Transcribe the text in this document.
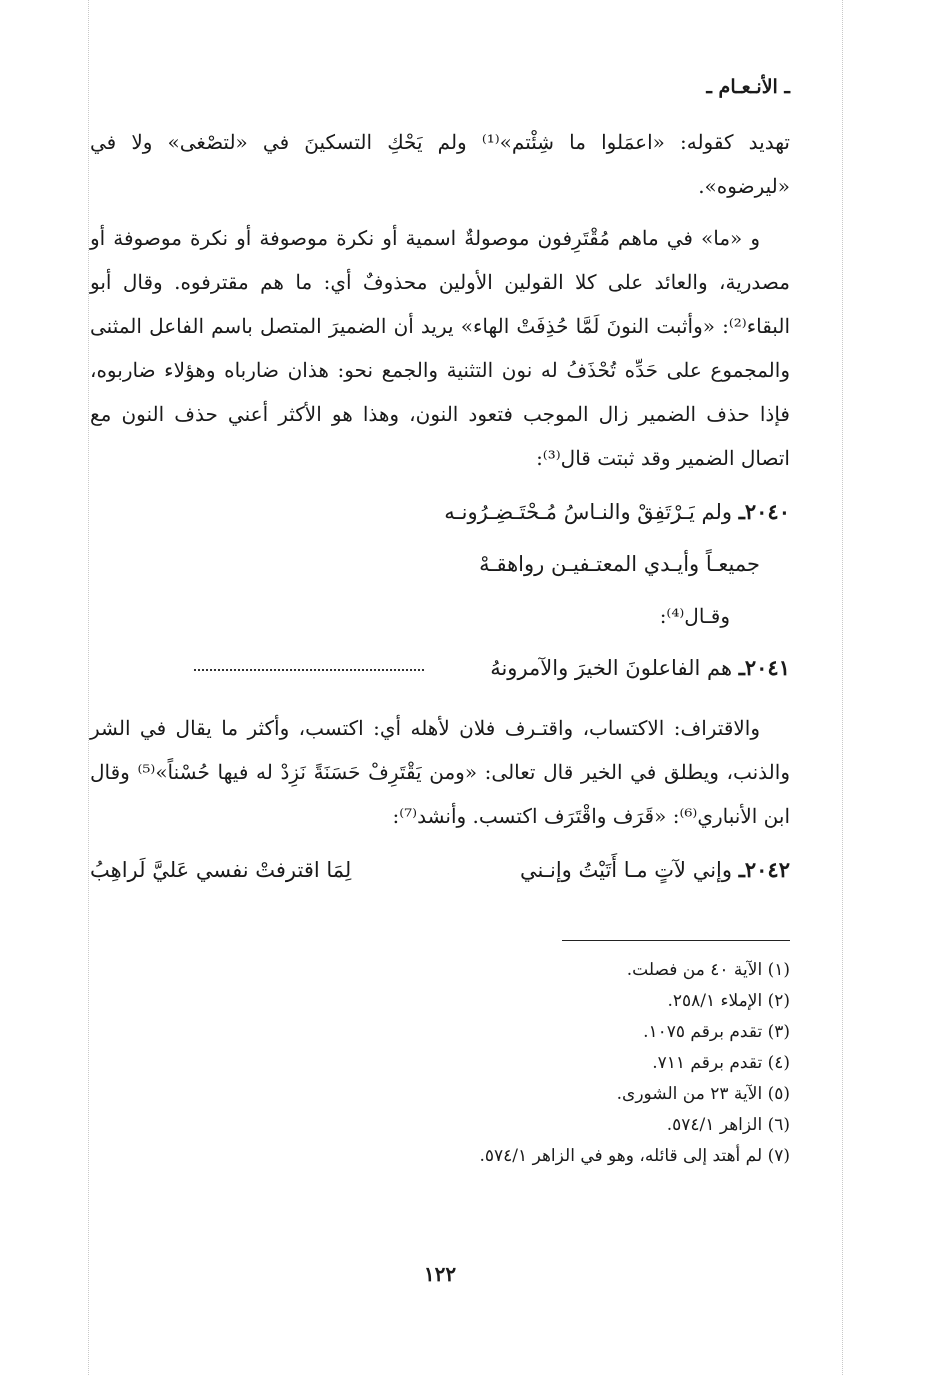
ـ الأنـعـام ـ

تهديد كقوله: «اعمَلوا ما شِئْتم»⁽¹⁾ ولم يَحْكِ التسكينَ في «لتصْغى» ولا في «ليرضوه».

و «ما» في ماهم مُقْتَرِفون موصولةٌ اسمية أو نكرة موصوفة أو نكرة موصوفة أو مصدرية، والعائد على كلا القولين الأولين محذوفٌ أي: ما هم مقترفوه. وقال أبو البقاء⁽²⁾: «وأثبت النونَ لَمَّا حُذِفَتْ الهاء» يريد أن الضميرَ المتصل باسم الفاعل المثنى والمجموع على حَدِّه تُحْذَفُ له نون التثنية والجمع نحو: هذان ضارباه وهؤلاء ضاربوه، فإذا حذف الضمير زال الموجب فتعود النون، وهذا هو الأكثر أعني حذف النون مع اتصال الضمير وقد ثبتت قال⁽³⁾:

٢٠٤٠ـ ولم يَـرْتَفِقْ والنـاسُ مُـحْتَـضِـرُونـه
جميعـاً وأيـدي المعتـفيـن رواهقـهْ
وقـال⁽⁴⁾:
٢٠٤١ـ هم الفاعلونَ الخيرَ والآمرونهُ

والاقتراف: الاكتساب، واقتـرف فلان لأهله أي: اكتسب، وأكثر ما يقال في الشر والذنب، ويطلق في الخير قال تعالى: «ومن يَقْتَرِفْ حَسَنَةً نَزِدْ له فيها حُسْناً»⁽⁵⁾ وقال ابن الأنباري⁽⁶⁾: «قَرَف واقْتَرَف اكتسب. وأنشد⁽⁷⁾:

٢٠٤٢ـ وإني لآتٍ مـا أَتَيْتُ وإنـني
لِمَا اقترفتْ نفسي عَليَّ لَراهِبُ
(١) الآية ٤٠ من فصلت.
(٢) الإملاء ٢٥٨/١.
(٣) تقدم برقم ١٠٧٥.
(٤) تقدم برقم ٧١١.
(٥) الآية ٢٣ من الشورى.
(٦) الزاهر ٥٧٤/١.
(٧) لم أهتد إلى قائله، وهو في الزاهر ٥٧٤/١.
١٢٢
